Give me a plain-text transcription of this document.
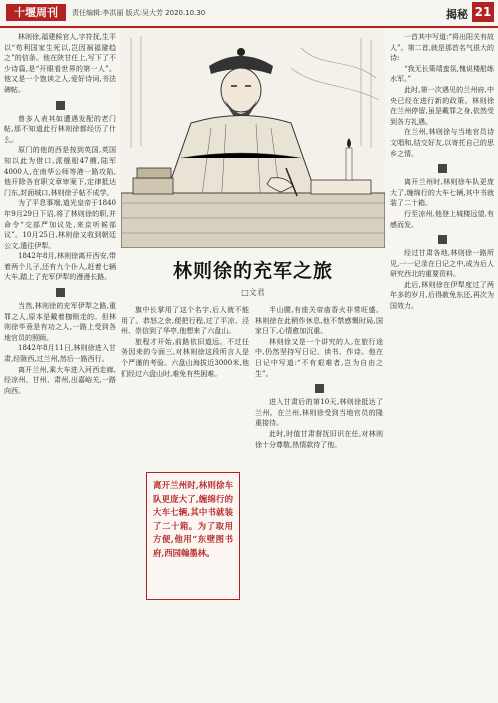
十堰周刊	责任编辑:李洪丽 版式:吴大芳 2020.10.30	揭秘 21

林则徐,福建候官人,字符抚,生平以“苟利国家生死以,岂因祸福避趋之”的信条。他在陕甘任上,写下了不少诗篇,是“开眼看世界的第一人”。他又是一个饱读之人,爱好诗词,书法碑帖。

曾多人表其如遭遇发配的老门帖,那不知道此行林则徐都经历了什么。

原门的他的西是按到英国,英国知以此为借口,派舰船47艘,陆军4000人,在南华公师等港一路攻陷,他开除各官职文章审案下,定律抵达门东,封面城口,林则徐子帖不成学。

为了平息事端,道光皇帝于1840年9月29日下诏,将了林则徐的职,并命令“交部严加议处,来京听候部议”。10月25日,林则徐又收到朝廷公文,遣往伊犁。

1842年8月,林则徐离开西安,带着两个儿子,还有九个仆人,赶着七辆大车,踏上了充军伊犁的漫漫长路。

当然,林则徐的充军伊犁之路,重罪之人,原本是戴着枷锁走的。但林则徐毕竟是有功之人,一路上受到各地官员的照顾。

1842年8月11日,林则徐进入甘肃,经陇西,过兰州,然后一路西行。

离开兰州,乘大车进入河西走廊,经凉州、甘州、肃州,出嘉峪关,一路向西。

林则徐的充军之旅
□文君

旗中长掌用了这个名字,后人就不能用了。恭怒之余,便把行程,过了平凉、泾州、崇信到了华亭,他想来了六盘山。

旅程才开始,前路依旧道远。不过任务因来的今面三,对林则徐这段所言人是个严谨的考验。六盘山海拔近3000米,他们经过六盘山时,难免有些困难。

离开兰州时,林则徐车队更庞大了,缠绵行的大车七辆,其中书就装了二十箱。为了取用方便,他用“东壁图书府,西园翰墨林。

半山腰,有座关帝庙香火非常旺盛。林则徐在此稍作休息,他不禁感慨时局,国家日下,心情愈加沉重。

林则徐又是一个讲究的人,在旅行途中,仍然坚持写日记、读书、作诗。他在日记中写道:“不有艰难者,岂为自由之生”。

进入甘肃后的第10天,林则徐抵达了兰州。在兰州,林则徐受到当地官员的隆重接待。

此时,时值甘肃督抚旧识在任,对林则徐十分尊敬,热情款待了他。

一首其中写道:“将出阳关有故人”。第二首,就是那首名气很大的诗:

“我无长策靖蛮氛,愧说楼船练水军。”

此时,第一次遇见的兰州府,中央已经在进行新的政策。林则徐在兰州停留,虽是戴罪之身,依然受到各方礼遇。

在兰州,林则徐与当地官员诗文唱和,结交好友,以寄托自己的思乡之情。

离开兰州时,林则徐车队更庞大了,缠绵行的大车七辆,其中书就装了二十箱。

行至凉州,他登上城楼远望,有感而发。

经过甘肃各地,林则徐一路所见,一一记录在日记之中,成为后人研究西北的重要资料。

此后,林则徐在伊犁度过了两年多的岁月,后得赦免东还,再次为国效力。
